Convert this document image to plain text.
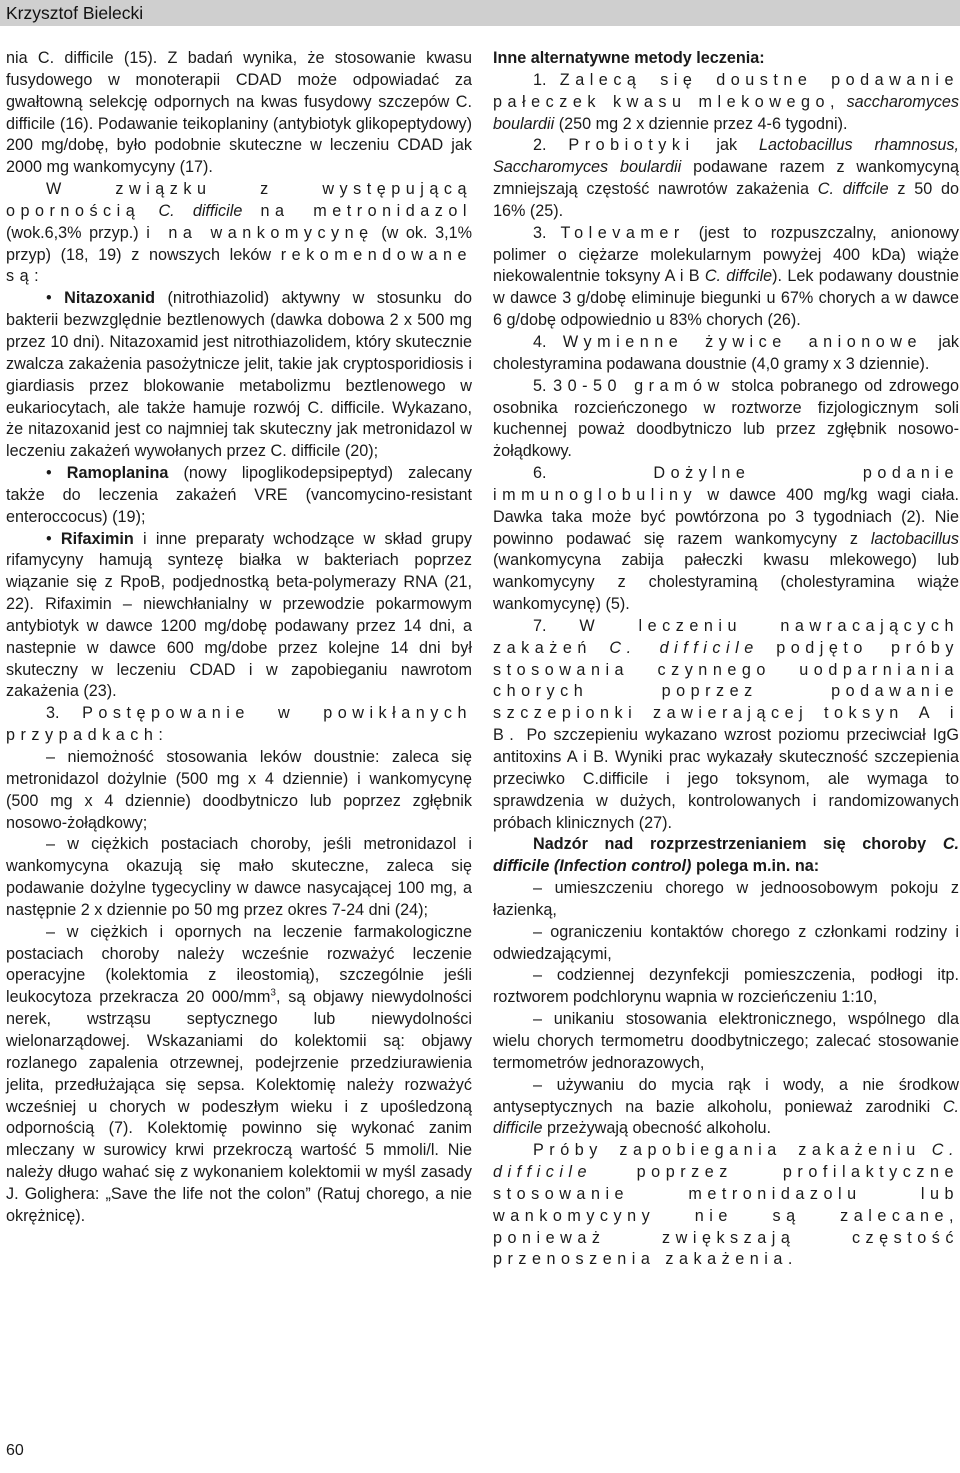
Krzysztof Bielecki

nia C. difficile (15). Z badań wynika, że stosowanie kwasu fusydowego w monoterapii CDAD może odpowiadać za gwałtowną selekcję odpornych na kwas fusydowy szczepów C. difficile (16). Podawanie teikoplaniny (antybiotyk glikopeptydowy) 200 mg/dobę, było podobnie skuteczne w leczeniu CDAD jak 2000 mg wankomycyny (17).

W związku z występującą opornością C. difficile na metronidazol (wok.6,3% przyp.) i na wankomycynę (w ok. 3,1% przyp) (18, 19) z nowszych leków rekomendowane są:

• Nitazoxanid (nitrothiazolid) aktywny w stosunku do bakterii bezwzględnie beztlenowych (dawka dobowa 2 x 500 mg przez 10 dni). Nitazoxamid jest nitrothiazolidem, który skutecznie zwalcza zakażenia pasożytnicze jelit, takie jak cryptosporidiosis i giardiasis przez blokowanie metabolizmu beztlenowego w eukariocytach, ale także hamuje rozwój C. difficile. Wykazano, że nitazoxanid jest co najmniej tak skuteczny jak metronidazol w leczeniu zakażeń wywołanych przez C. difficile (20);

• Ramoplanina (nowy lipoglikodepsipeptyd) zalecany także do leczenia zakażeń VRE (vancomycino-resistant enteroccocus) (19);

• Rifaximin i inne preparaty wchodzące w skład grupy rifamycyny hamują syntezę białka w bakteriach poprzez wiązanie się z RpoB, podjednostką beta-polymerazy RNA (21, 22). Rifaximin – niewchłanialny w przewodzie pokarmowym antybiotyk w dawce 1200 mg/dobę podawany przez 14 dni, a nastepnie w dawce 600 mg/dobe przez kolejne 14 dni był skuteczny w leczeniu CDAD i w zapobieganiu nawrotom zakażenia (23).

3. Postępowanie w powikłanych przypadkach:

– niemożność stosowania leków doustnie: zaleca się metronidazol dożylnie (500 mg x 4 dziennie) i wankomycynę (500 mg x 4 dziennie) doodbytniczo lub poprzez zgłębnik nosowo-żołądkowy;

– w ciężkich postaciach choroby, jeśli metronidazol i wankomycyna okazują się mało skuteczne, zaleca się podawanie dożylne tygecycliny w dawce nasycającej 100 mg, a następnie 2 x dziennie po 50 mg przez okres 7-24 dni (24);

– w ciężkich i opornych na leczenie farmakologiczne postaciach choroby należy wcześnie rozważyć leczenie operacyjne (kolektomia z ileostomią), szczególnie jeśli leukocytoza przekracza 20 $000/mm^3$, są objawy niewydolności nerek, wstrząsu septycznego lub niewydolności wielonarządowej. Wskazaniami do kolektomii są: objawy rozlanego zapalenia otrzewnej, podejrzenie przedziurawienia jelita, przedłużająca się sepsa. Kolektomię należy rozważyć wcześniej u chorych w podeszłym wieku i z upośledzoną odpornością (7). Kolektomię powinno się wykonać zanim mleczany w surowicy krwi przekroczą wartość 5 mmoli/l. Nie należy długo wahać się z wykonaniem kolektomii w myśl zasady J. Golighera: „Save the life not the colon” (Ratuj chorego, a nie okrężnicę).

Inne alternatywne metody leczenia:

1. Zalecą się doustne podawanie pałeczek kwasu mlekowego, saccharomyces boulardii (250 mg 2 x dziennie przez 4-6 tygodni).

2. Probiotyki jak Lactobacillus rhamnosus, Saccharomyces boulardii podawane razem z wankomycyną zmniejszają częstość nawrotów zakażenia C. diffcile z 50 do 16% (25).

3. Tolevamer (jest to rozpuszczalny, anionowy polimer o ciężarze molekularnym powyżej 400 kDa) wiąże niekowalentnie toksyny A i B C. diffcile). Lek podawany doustnie w dawce 3 g/dobę eliminuje biegunki u 67% chorych a w dawce 6 g/dobę odpowiednio u 83% chorych (26).

4. Wymienne żywice anionowe jak cholestyramina podawana doustnie (4,0 gramy x 3 dziennie).

5. 30-50 gramów stolca pobranego od zdrowego osobnika rozcieńczonego w roztworze fizjologicznym soli kuchennej poważ doodbytniczo lub przez zgłębnik nosowo-żołądkowy.

6.	Dożylne podanie immunoglobuliny w dawce 400 mg/kg wagi ciała. Dawka taka może być powtórzona po 3 tygodniach (2). Nie powinno podawać się razem wankomycyny z lactobacillus (wankomycyna zabija pałeczki kwasu mlekowego) lub wankomycyny z cholestyraminą (cholestyramina wiąże wankomycynę) (5).

7. W leczeniu nawracających zakażeń C. difficile podjęto próby stosowania czynnego uodparniania chorych poprzez podawanie szczepionki zawierającej toksyn A i B. Po szczepieniu wykazano wzrost poziomu przeciwciał IgG antitoxins A i B. Wyniki prac wykazały skuteczność szczepienia przeciwko C.difficile i jego toksynom, ale wymaga to sprawdzenia w dużych, kontrolowanych i randomizowanych próbach klinicznych (27).

Nadzór nad rozprzestrzenianiem się choroby C. difficile (Infection control) polega m.in. na:

– umieszczeniu chorego w jednoosobowym pokoju z łazienką,

– ograniczeniu kontaktów chorego z członkami rodziny i odwiedzającymi,

– codziennej dezynfekcji pomieszczenia, podłogi itp. roztworem podchlorynu wapnia w rozcieńczeniu 1:10,

– unikaniu stosowania elektronicznego, wspólnego dla wielu chorych termometru doodbytniczego; zalecać stosowanie termometrów jednorazowych,

– używaniu do mycia rąk i wody, a nie środkow antyseptycznych na bazie alkoholu, ponieważ zarodniki C. difficile przeżywają obecność alkoholu.

Próby zapobiegania zakażeniu C. difficile	poprzez profilaktyczne stosowanie metronidazolu lub wankomycyny nie są zalecane, ponieważ zwiększają częstość przenoszenia zakażenia.

60
